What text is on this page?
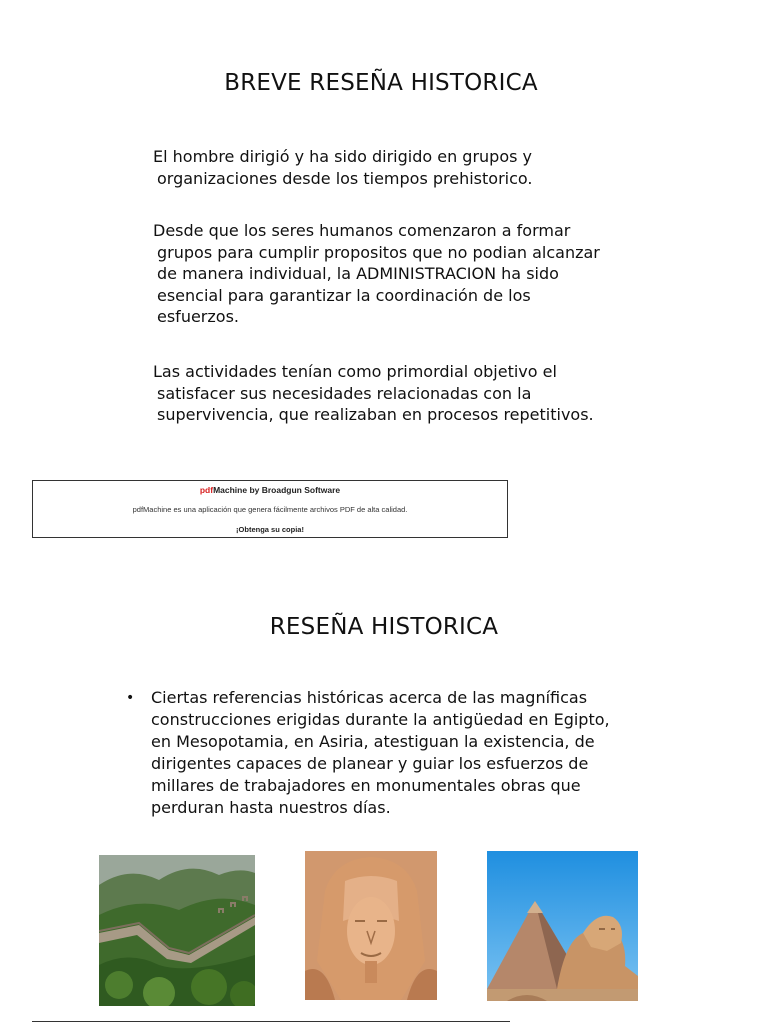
BREVE RESEÑA HISTORICA
El hombre dirigió y ha sido dirigido en grupos y
organizaciones desde los tiempos prehistorico.
Desde que los seres humanos comenzaron a formar
grupos para cumplir propositos que no podian alcanzar
de manera individual, la ADMINISTRACION ha sido
esencial para garantizar la coordinación de los
esfuerzos.
Las actividades tenían como primordial objetivo el
satisfacer sus necesidades relacionadas con la
supervivencia, que realizaban en procesos repetitivos.
pdfMachine by Broadgun Software
pdfMachine es una aplicación que genera fácilmente archivos PDF de alta calidad.
¡Obtenga su copia!
RESEÑA HISTORICA
• Ciertas referencias históricas acerca de las magníficas
construcciones erigidas durante la antigüedad en Egipto,
en Mesopotamia, en Asiria, atestiguan la existencia, de
dirigentes capaces de planear y guiar los esfuerzos de
millares de trabajadores en monumentales obras que
perduran hasta nuestros días.
